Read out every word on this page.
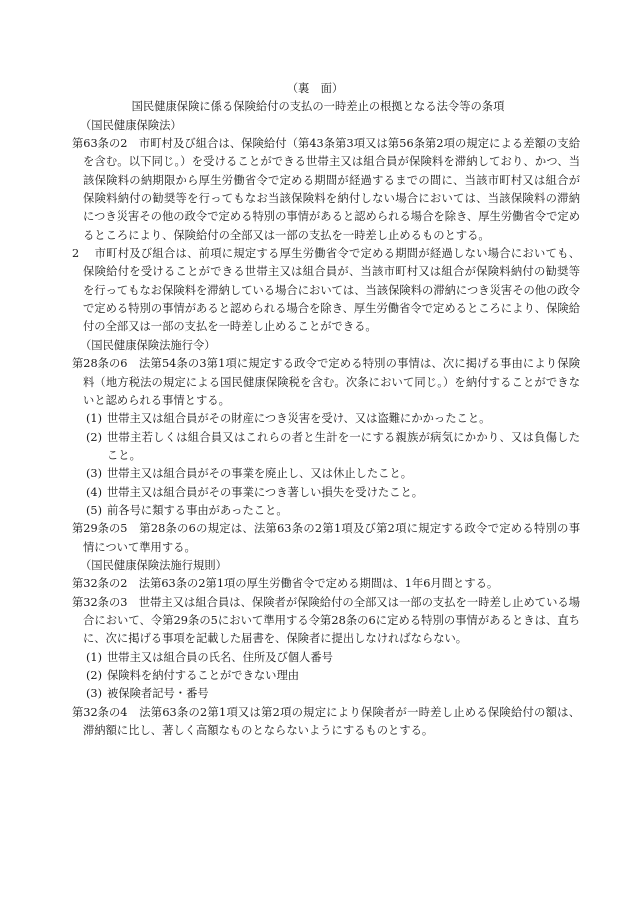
（裏　面）
国民健康保険に係る保険給付の支払の一時差止の根拠となる法令等の条項
（国民健康保険法）
第63条の2 　市町村及び組合は、保険給付（第43条第3項又は第56条第2項の規定による差額の支給を含む。以下同じ。）を受けることができる世帯主又は組合員が保険料を滞納しており、かつ、当該保険料の納期限から厚生労働省令で定める期間が経過するまでの間に、当該市町村又は組合が保険料納付の勧奨等を行ってもなお当該保険料を納付しない場合においては、当該保険料の滞納につき災害その他の政令で定める特別の事情があると認められる場合を除き、厚生労働省令で定めるところにより、保険給付の全部又は一部の支払を一時差し止めるものとする。
2 　市町村及び組合は、前項に規定する厚生労働省令で定める期間が経過しない場合においても、保険給付を受けることができる世帯主又は組合員が、当該市町村又は組合が保険料納付の勧奨等を行ってもなお保険料を滞納している場合においては、当該保険料の滞納につき災害その他の政令で定める特別の事情があると認められる場合を除き、厚生労働省令で定めるところにより、保険給付の全部又は一部の支払を一時差し止めることができる。
（国民健康保険法施行令）
第28条の6 　法第54条の3第1項に規定する政令で定める特別の事情は、次に掲げる事由により保険料（地方税法の規定による国民健康保険税を含む。次条において同じ。）を納付することができないと認められる事情とする。
(1) 世帯主又は組合員がその財産につき災害を受け、又は盗難にかかったこと。
(2) 世帯主若しくは組合員又はこれらの者と生計を一にする親族が病気にかかり、又は負傷したこと。
(3) 世帯主又は組合員がその事業を廃止し、又は休止したこと。
(4) 世帯主又は組合員がその事業につき著しい損失を受けたこと。
(5) 前各号に類する事由があったこと。
第29条の5 　第28条の6の規定は、法第63条の2第1項及び第2項に規定する政令で定める特別の事情について準用する。
（国民健康保険法施行規則）
第32条の2 　法第63条の2第1項の厚生労働省令で定める期間は、1年6月間とする。
第32条の3 　世帯主又は組合員は、保険者が保険給付の全部又は一部の支払を一時差し止めている場合において、令第29条の5において準用する令第28条の6に定める特別の事情があるときは、直ちに、次に掲げる事項を記載した届書を、保険者に提出しなければならない。
(1) 世帯主又は組合員の氏名、住所及び個人番号
(2) 保険料を納付することができない理由
(3) 被保険者記号・番号
第32条の4 　法第63条の2第1項又は第2項の規定により保険者が一時差し止める保険給付の額は、滞納額に比し、著しく高額なものとならないようにするものとする。
